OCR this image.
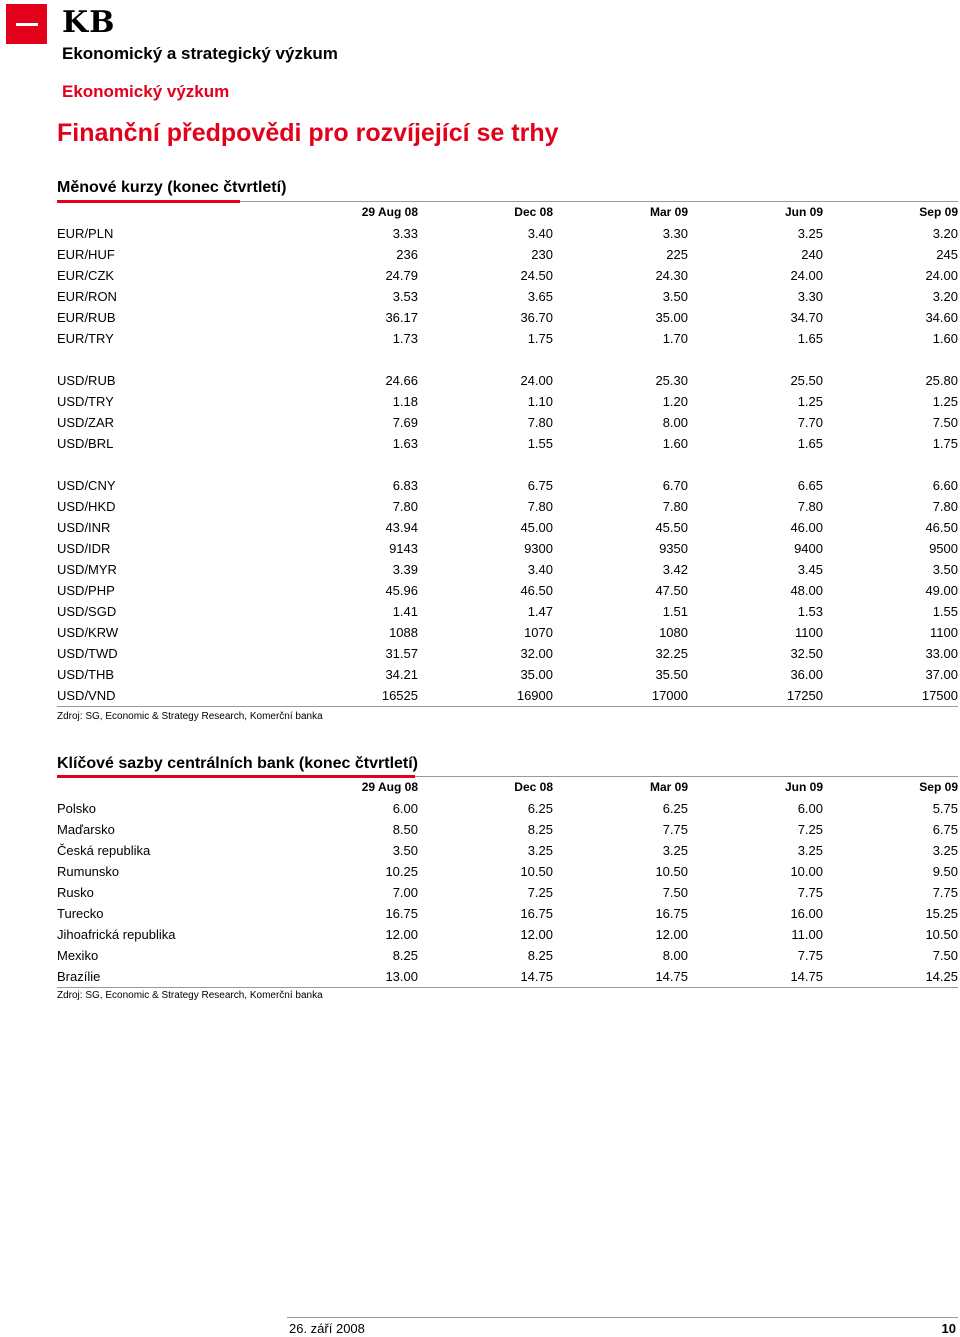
KB
Ekonomický a strategický výzkum
Ekonomický výzkum
Finanční předpovědi pro rozvíjející se trhy
Měnové kurzy (konec čtvrtletí)
	29 Aug 08	Dec 08	Mar 09	Jun 09	Sep 09
EUR/PLN	3.33	3.40	3.30	3.25	3.20
EUR/HUF	236	230	225	240	245
EUR/CZK	24.79	24.50	24.30	24.00	24.00
EUR/RON	3.53	3.65	3.50	3.30	3.20
EUR/RUB	36.17	36.70	35.00	34.70	34.60
EUR/TRY	1.73	1.75	1.70	1.65	1.60

USD/RUB	24.66	24.00	25.30	25.50	25.80
USD/TRY	1.18	1.10	1.20	1.25	1.25
USD/ZAR	7.69	7.80	8.00	7.70	7.50
USD/BRL	1.63	1.55	1.60	1.65	1.75

USD/CNY	6.83	6.75	6.70	6.65	6.60
USD/HKD	7.80	7.80	7.80	7.80	7.80
USD/INR	43.94	45.00	45.50	46.00	46.50
USD/IDR	9143	9300	9350	9400	9500
USD/MYR	3.39	3.40	3.42	3.45	3.50
USD/PHP	45.96	46.50	47.50	48.00	49.00
USD/SGD	1.41	1.47	1.51	1.53	1.55
USD/KRW	1088	1070	1080	1100	1100
USD/TWD	31.57	32.00	32.25	32.50	33.00
USD/THB	34.21	35.00	35.50	36.00	37.00
USD/VND	16525	16900	17000	17250	17500
Zdroj: SG, Economic & Strategy Research, Komerční banka
Klíčové sazby centrálních bank (konec čtvrtletí)
	29 Aug 08	Dec 08	Mar 09	Jun 09	Sep 09
Polsko	6.00	6.25	6.25	6.00	5.75
Maďarsko	8.50	8.25	7.75	7.25	6.75
Česká republika	3.50	3.25	3.25	3.25	3.25
Rumunsko	10.25	10.50	10.50	10.00	9.50
Rusko	7.00	7.25	7.50	7.75	7.75
Turecko	16.75	16.75	16.75	16.00	15.25
Jihoafrická republika	12.00	12.00	12.00	11.00	10.50
Mexiko	8.25	8.25	8.00	7.75	7.50
Brazílie	13.00	14.75	14.75	14.75	14.25
Zdroj: SG, Economic & Strategy Research, Komerční banka
26. září 2008	10
